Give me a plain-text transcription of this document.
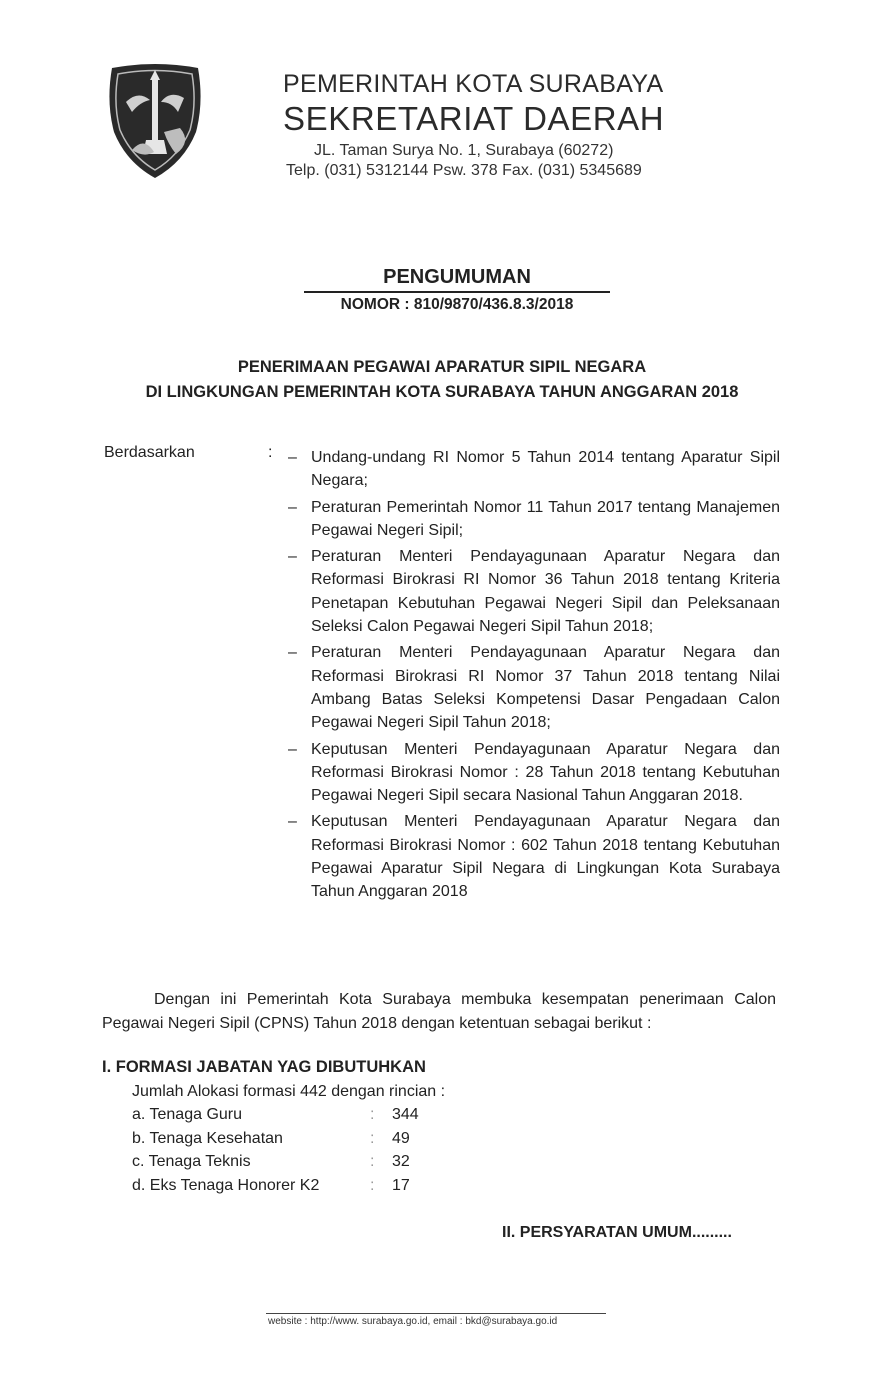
PEMERINTAH KOTA SURABAYA
SEKRETARIAT DAERAH
JL. Taman Surya No. 1, Surabaya (60272)
Telp. (031) 5312144 Psw. 378 Fax. (031) 5345689
PENGUMUMAN
NOMOR : 810/9870/436.8.3/2018
PENERIMAAN PEGAWAI APARATUR SIPIL NEGARA
DI LINGKUNGAN PEMERINTAH KOTA SURABAYA TAHUN ANGGARAN 2018
Berdasarkan	: – Undang-undang RI Nomor 5 Tahun 2014 tentang Aparatur Sipil Negara;
– Peraturan Pemerintah Nomor 11 Tahun 2017 tentang Manajemen Pegawai Negeri Sipil;
– Peraturan Menteri Pendayagunaan Aparatur Negara dan Reformasi Birokrasi RI Nomor 36 Tahun 2018 tentang Kriteria Penetapan Kebutuhan Pegawai Negeri Sipil dan Peleksanaan Seleksi Calon Pegawai Negeri Sipil Tahun 2018;
– Peraturan Menteri Pendayagunaan Aparatur Negara dan Reformasi Birokrasi RI Nomor 37 Tahun 2018 tentang Nilai Ambang Batas Seleksi Kompetensi Dasar Pengadaan Calon Pegawai Negeri Sipil Tahun 2018;
– Keputusan Menteri Pendayagunaan Aparatur Negara dan Reformasi Birokrasi Nomor : 28 Tahun 2018 tentang Kebutuhan Pegawai Negeri Sipil secara Nasional Tahun Anggaran 2018.
– Keputusan Menteri Pendayagunaan Aparatur Negara dan Reformasi Birokrasi Nomor : 602 Tahun 2018 tentang Kebutuhan Pegawai Aparatur Sipil Negara di Lingkungan Kota Surabaya Tahun Anggaran 2018
Dengan ini Pemerintah Kota Surabaya membuka kesempatan penerimaan Calon Pegawai Negeri Sipil (CPNS) Tahun 2018 dengan ketentuan sebagai berikut :
I. FORMASI JABATAN YAG DIBUTUHKAN
Jumlah Alokasi formasi 442 dengan rincian :
a. Tenaga Guru	: 344
b. Tenaga Kesehatan	: 49
c. Tenaga Teknis	: 32
d. Eks Tenaga Honorer K2	: 17
II. PERSYARATAN UMUM.........
website : http://www. surabaya.go.id, email : bkd@surabaya.go.id
